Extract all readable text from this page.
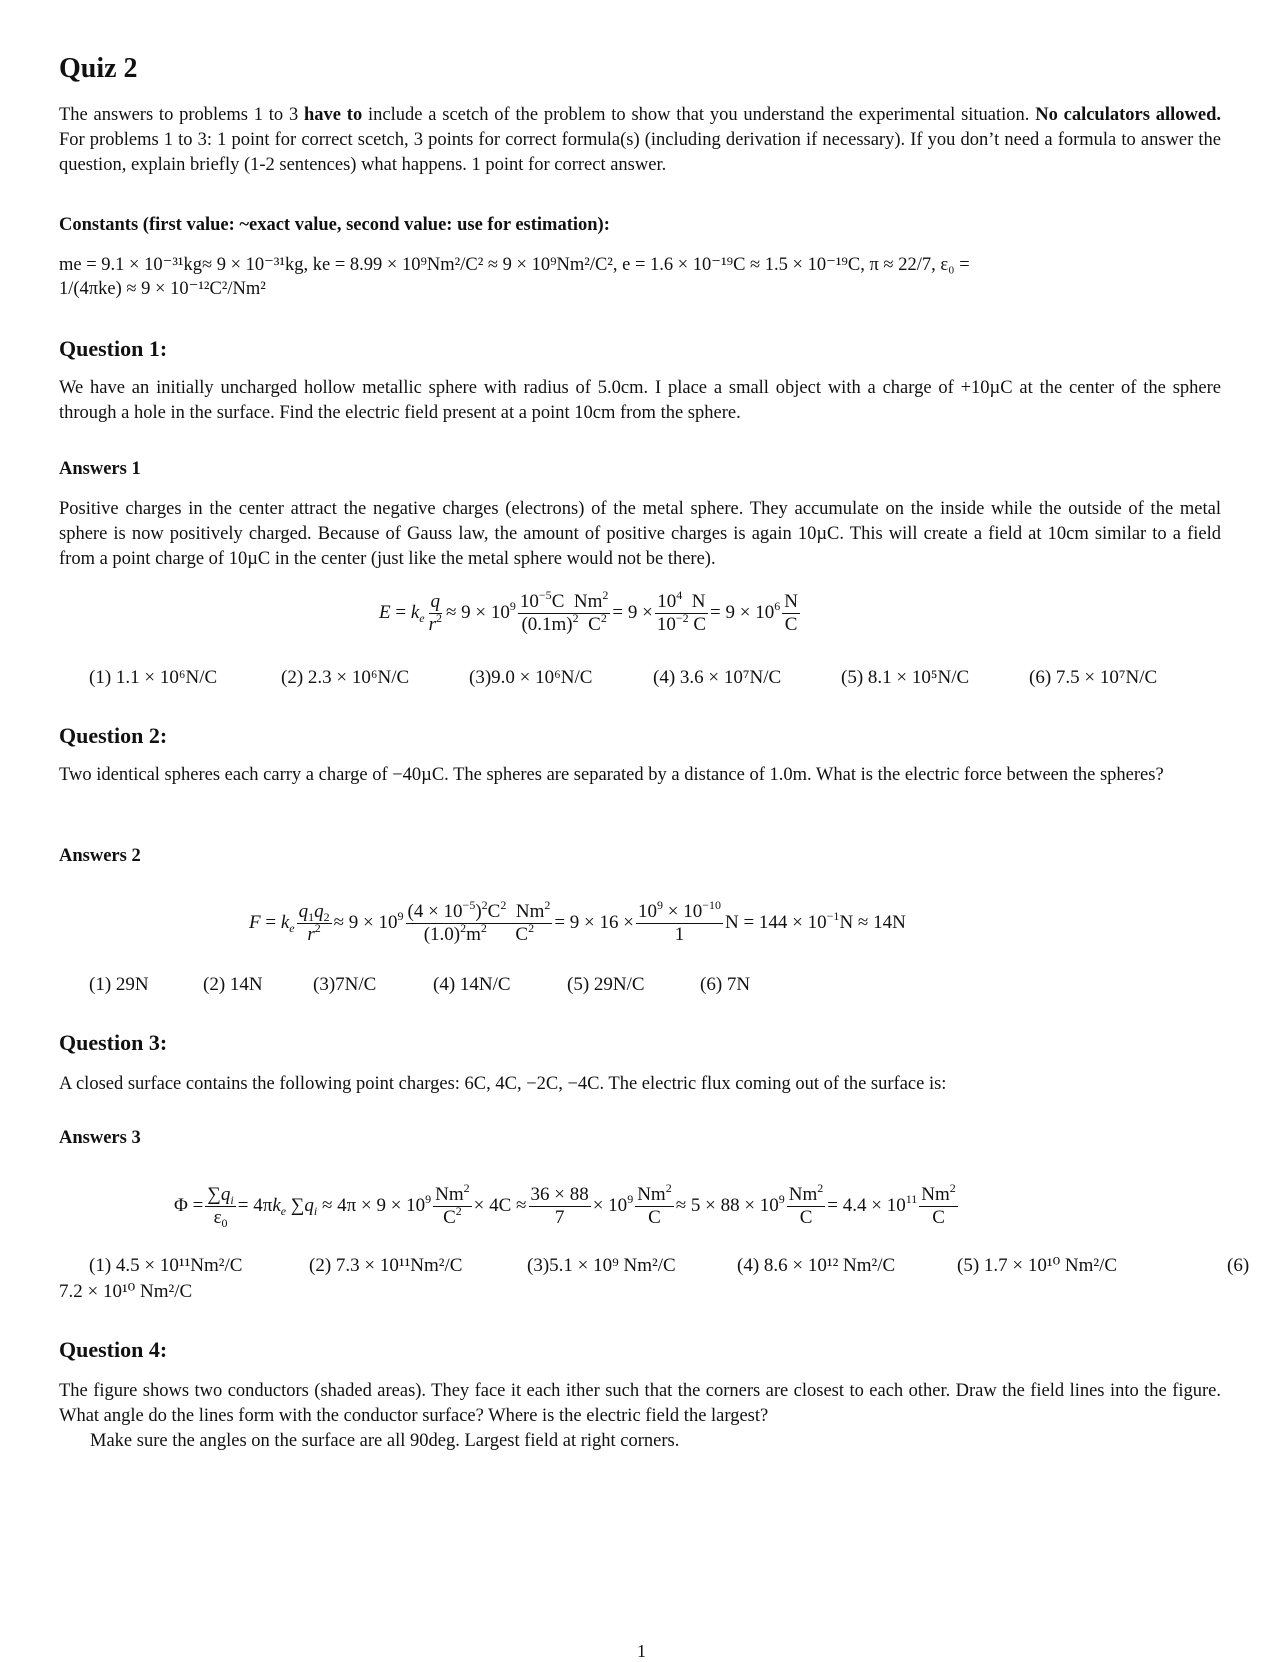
Quiz 2

The answers to problems 1 to 3 have to include a scetch of the problem to show that you understand the experimental situation. No calculators allowed. For problems 1 to 3: 1 point for correct scetch, 3 points for correct formula(s) (including derivation if necessary). If you don’t need a formula to answer the question, explain briefly (1-2 sentences) what happens. 1 point for correct answer.

Constants (first value: ~exact value, second value: use for estimation):
me = 9.1 × 10⁻³¹kg≈ 9 × 10⁻³¹kg, ke = 8.99 × 10⁹Nm²/C² ≈ 9 × 10⁹Nm²/C², e = 1.6 × 10⁻¹⁹C ≈ 1.5 × 10⁻¹⁹C, π ≈ 22/7, ε₀ =
1/(4πke) ≈ 9 × 10⁻¹²C²/Nm²
Question 1:

We have an initially uncharged hollow metallic sphere with radius of 5.0cm. I place a small object with a charge of +10µC at the center of the sphere through a hole in the surface. Find the electric field present at a point 10cm from the sphere.

Answers 1

Positive charges in the center attract the negative charges (electrons) of the metal sphere. They accumulate on the inside while the outside of the metal sphere is now positively charged. Because of Gauss law, the amount of positive charges is again 10µC. This will create a field at 10cm similar to a field from a point charge of 10µC in the center (just like the metal sphere would not be there).

$E = k_e \frac{q}{r^2} \approx 9 \times 10^9 \frac{10^{-5}C Nm^2}{(0.1m)^2 C^2} = 9 \times \frac{10^4 N}{10^{-2} C} = 9 \times 10^6 \frac{N}{C}$
(1) 1.1 × 10⁶N/C	(2) 2.3 × 10⁶N/C	(3)9.0 × 10⁶N/C	(4) 3.6 × 10⁷N/C	(5) 8.1 × 10⁵N/C	(6) 7.5 × 10⁷N/C
Question 2:

Two identical spheres each carry a charge of −40µC. The spheres are separated by a distance of 1.0m. What is the electric force between the spheres?

Answers 2
$F = k_e \frac{q_1q_2}{r^2} \approx 9 \times 10^9 \frac{(4 \times 10^{-5})^2C^2 Nm^2}{(1.0)^2m^2 C^2} = 9 \times 16 \times \frac{10^9 \times 10^{-10}}{1}$ $N = 144 \times 10^{-1}N \approx 14N$
(1) 29N	(2) 14N	(3)7N/C	(4) 14N/C	(5) 29N/C	(6) 7N
Question 3:

A closed surface contains the following point charges: 6C, 4C, −2C, −4C. The electric flux coming out of the surface is:

Answers 3
$\Phi = \frac{\sum q_i}{\varepsilon_0} = 4\pi k_e$ $\sum q_i \approx 4\pi \times 9 \times 10^9 \frac{Nm^2}{C^2} \times 4C \approx \frac{36 \times 88}{7} \times 10^9 \frac{Nm^2}{C} \approx 5 \times 88 \times 10^9 \frac{Nm^2}{C} = 4.4 \times 10^{11} \frac{Nm^2}{C}$
(1) 4.5 × 10¹¹Nm²/C	(2) 7.3 × 10¹¹Nm²/C	(3)5.1 × 10⁹ Nm²/C	(4) 8.6 × 10¹² Nm²/C	(5) 1.7 × 10¹⁰ Nm²/C	(6)
7.2 × 10¹⁰ Nm²/C
Question 4:

The figure shows two conductors (shaded areas). They face it each ither such that the corners are closest to each other. Draw the field lines into the figure. What angle do the lines form with the conductor surface? Where is the electric field the largest?

Make sure the angles on the surface are all 90deg. Largest field at right corners.
1
